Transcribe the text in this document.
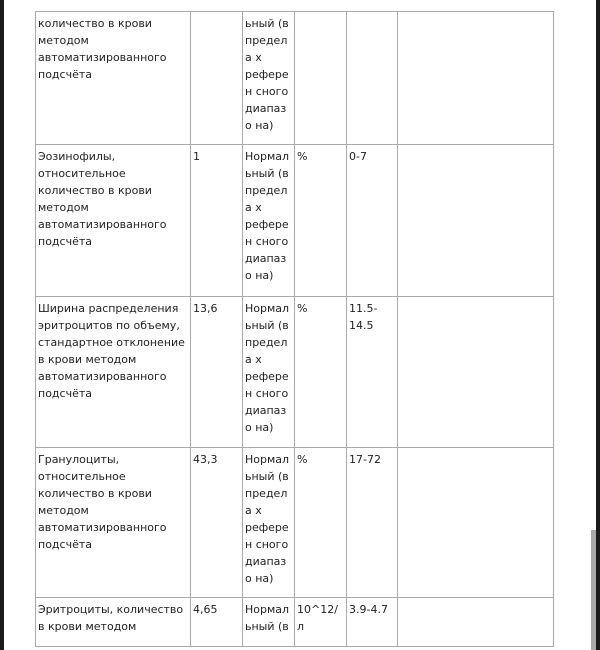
количество в крови методом автоматизированного подсчёта		ьный (в предела х референ сного диапазо на)			
Эозинофилы, относительное количество в крови методом автоматизированного подсчёта	1	Нормал ьный (в предела х референ сного диапазо на)	%	0-7	
Ширина распределения эритроцитов по объему, стандартное отклонение в крови методом автоматизированного подсчёта	13,6	Нормал ьный (в предела х референ сного диапазо на)	%	11.5- 14.5	
Гранулоциты, относительное количество в крови методом автоматизированного подсчёта	43,3	Нормал ьный (в предела х референ сного диапазо на)	%	17-72	
Эритроциты, количество в крови методом	4,65	Нормал ьный (в	10^12/л	3.9-4.7	
